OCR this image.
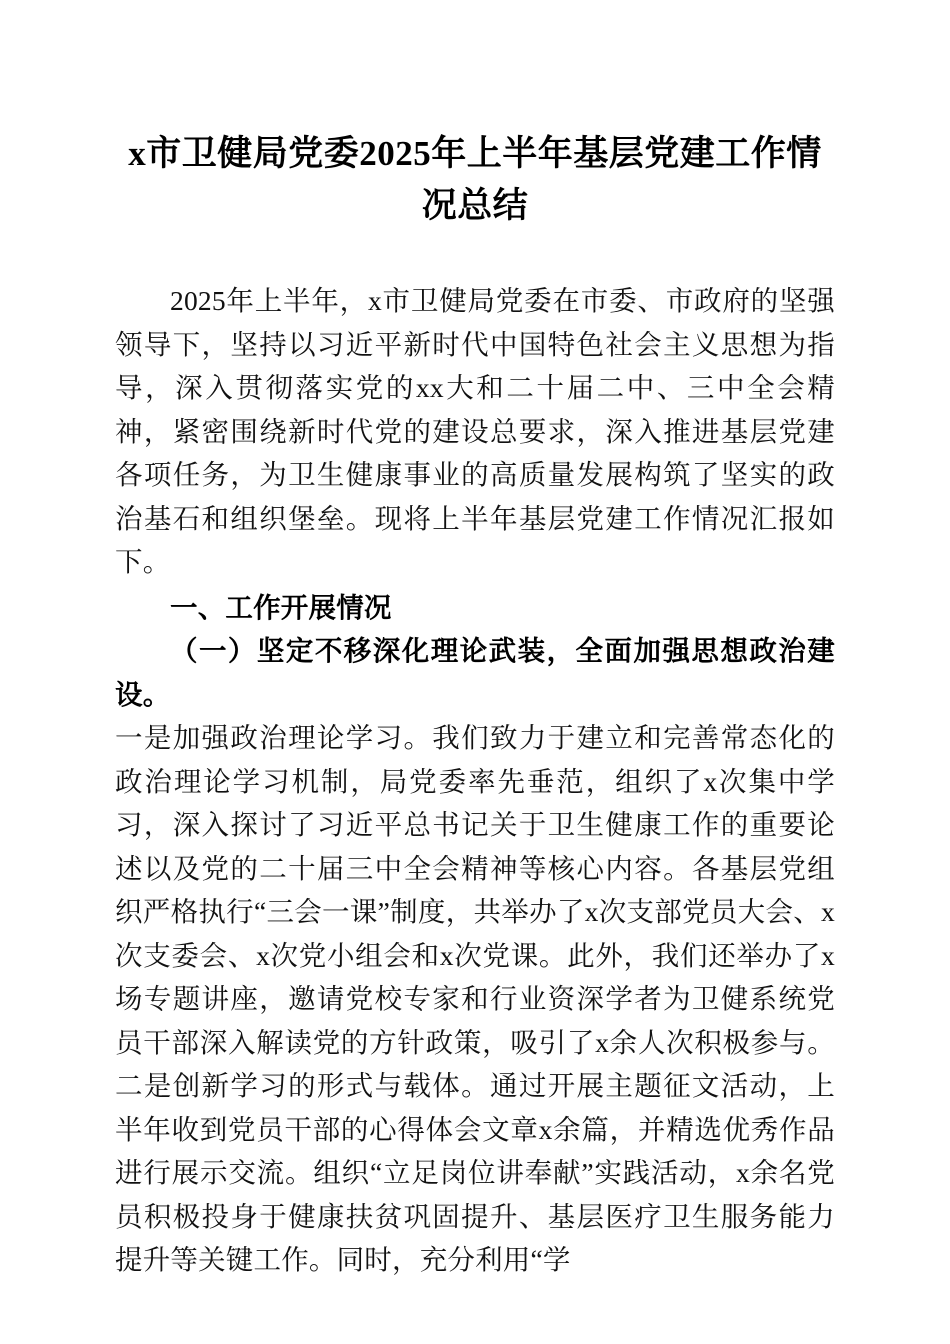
x市卫健局党委2025年上半年基层党建工作情况总结

2025年上半年，x市卫健局党委在市委、市政府的坚强领导下，坚持以习近平新时代中国特色社会主义思想为指导，深入贯彻落实党的xx大和二十届二中、三中全会精神，紧密围绕新时代党的建设总要求，深入推进基层党建各项任务，为卫生健康事业的高质量发展构筑了坚实的政治基石和组织堡垒。现将上半年基层党建工作情况汇报如下。

一、工作开展情况
（一）坚定不移深化理论武装，全面加强思想政治建设。

一是加强政治理论学习。我们致力于建立和完善常态化的政治理论学习机制，局党委率先垂范，组织了x次集中学习，深入探讨了习近平总书记关于卫生健康工作的重要论述以及党的二十届三中全会精神等核心内容。各基层党组织严格执行“三会一课”制度，共举办了x次支部党员大会、x次支委会、x次党小组会和x次党课。此外，我们还举办了x场专题讲座，邀请党校专家和行业资深学者为卫健系统党员干部深入解读党的方针政策，吸引了x余人次积极参与。二是创新学习的形式与载体。通过开展主题征文活动，上半年收到党员干部的心得体会文章x余篇，并精选优秀作品进行展示交流。组织“立足岗位讲奉献”实践活动，x余名党员积极投身于健康扶贫巩固提升、基层医疗卫生服务能力提升等关键工作。同时，充分利用“学
